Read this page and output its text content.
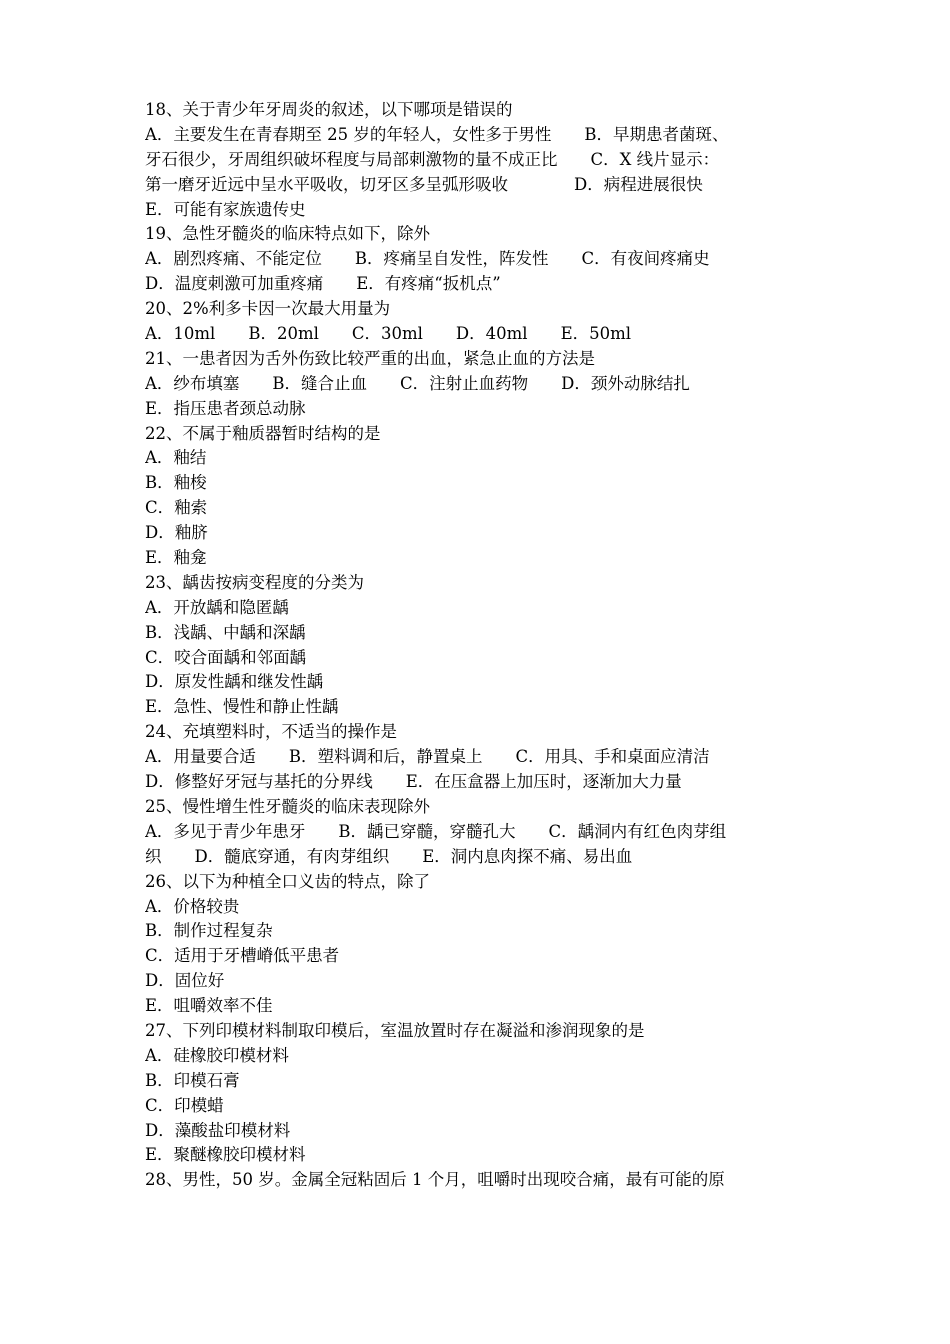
18、关于青少年牙周炎的叙述，以下哪项是错误的
A．主要发生在青春期至 25 岁的年轻人，女性多于男性　　B．早期患者菌斑、
牙石很少，牙周组织破坏程度与局部刺激物的量不成正比　　C．X 线片显示：
第一磨牙近远中呈水平吸收，切牙区多呈弧形吸收　　　　D．病程进展很快
E．可能有家族遗传史
19、急性牙髓炎的临床特点如下，除外
A．剧烈疼痛、不能定位　　B．疼痛呈自发性，阵发性　　C．有夜间疼痛史
D．温度刺激可加重疼痛　　E．有疼痛“扳机点”
20、2%利多卡因一次最大用量为
A．10ml　　B．20ml　　C．30ml　　D．40ml　　E．50ml
21、一患者因为舌外伤致比较严重的出血，紧急止血的方法是
A．纱布填塞　　B．缝合止血　　C．注射止血药物　　D．颈外动脉结扎
E．指压患者颈总动脉
22、不属于釉质器暂时结构的是
A．釉结
B．釉梭
C．釉索
D．釉脐
E．釉龛
23、龋齿按病变程度的分类为
A．开放龋和隐匿龋
B．浅龋、中龋和深龋
C．咬合面龋和邻面龋
D．原发性龋和继发性龋
E．急性、慢性和静止性龋
24、充填塑料时，不适当的操作是
A．用量要合适　　B．塑料调和后，静置桌上　　C．用具、手和桌面应清洁
D．修整好牙冠与基托的分界线　　E．在压盒器上加压时，逐渐加大力量
25、慢性增生性牙髓炎的临床表现除外
A．多见于青少年患牙　　B．龋已穿髓，穿髓孔大　　C．龋洞内有红色肉芽组
织　　D．髓底穿通，有肉芽组织　　E．洞内息肉探不痛、易出血
26、以下为种植全口义齿的特点，除了
A．价格较贵
B．制作过程复杂
C．适用于牙槽嵴低平患者
D．固位好
E．咀嚼效率不佳
27、下列印模材料制取印模后，室温放置时存在凝溢和渗润现象的是
A．硅橡胶印模材料
B．印模石膏
C．印模蜡
D．藻酸盐印模材料
E．聚醚橡胶印模材料
28、男性，50 岁。金属全冠粘固后 1 个月，咀嚼时出现咬合痛，最有可能的原
